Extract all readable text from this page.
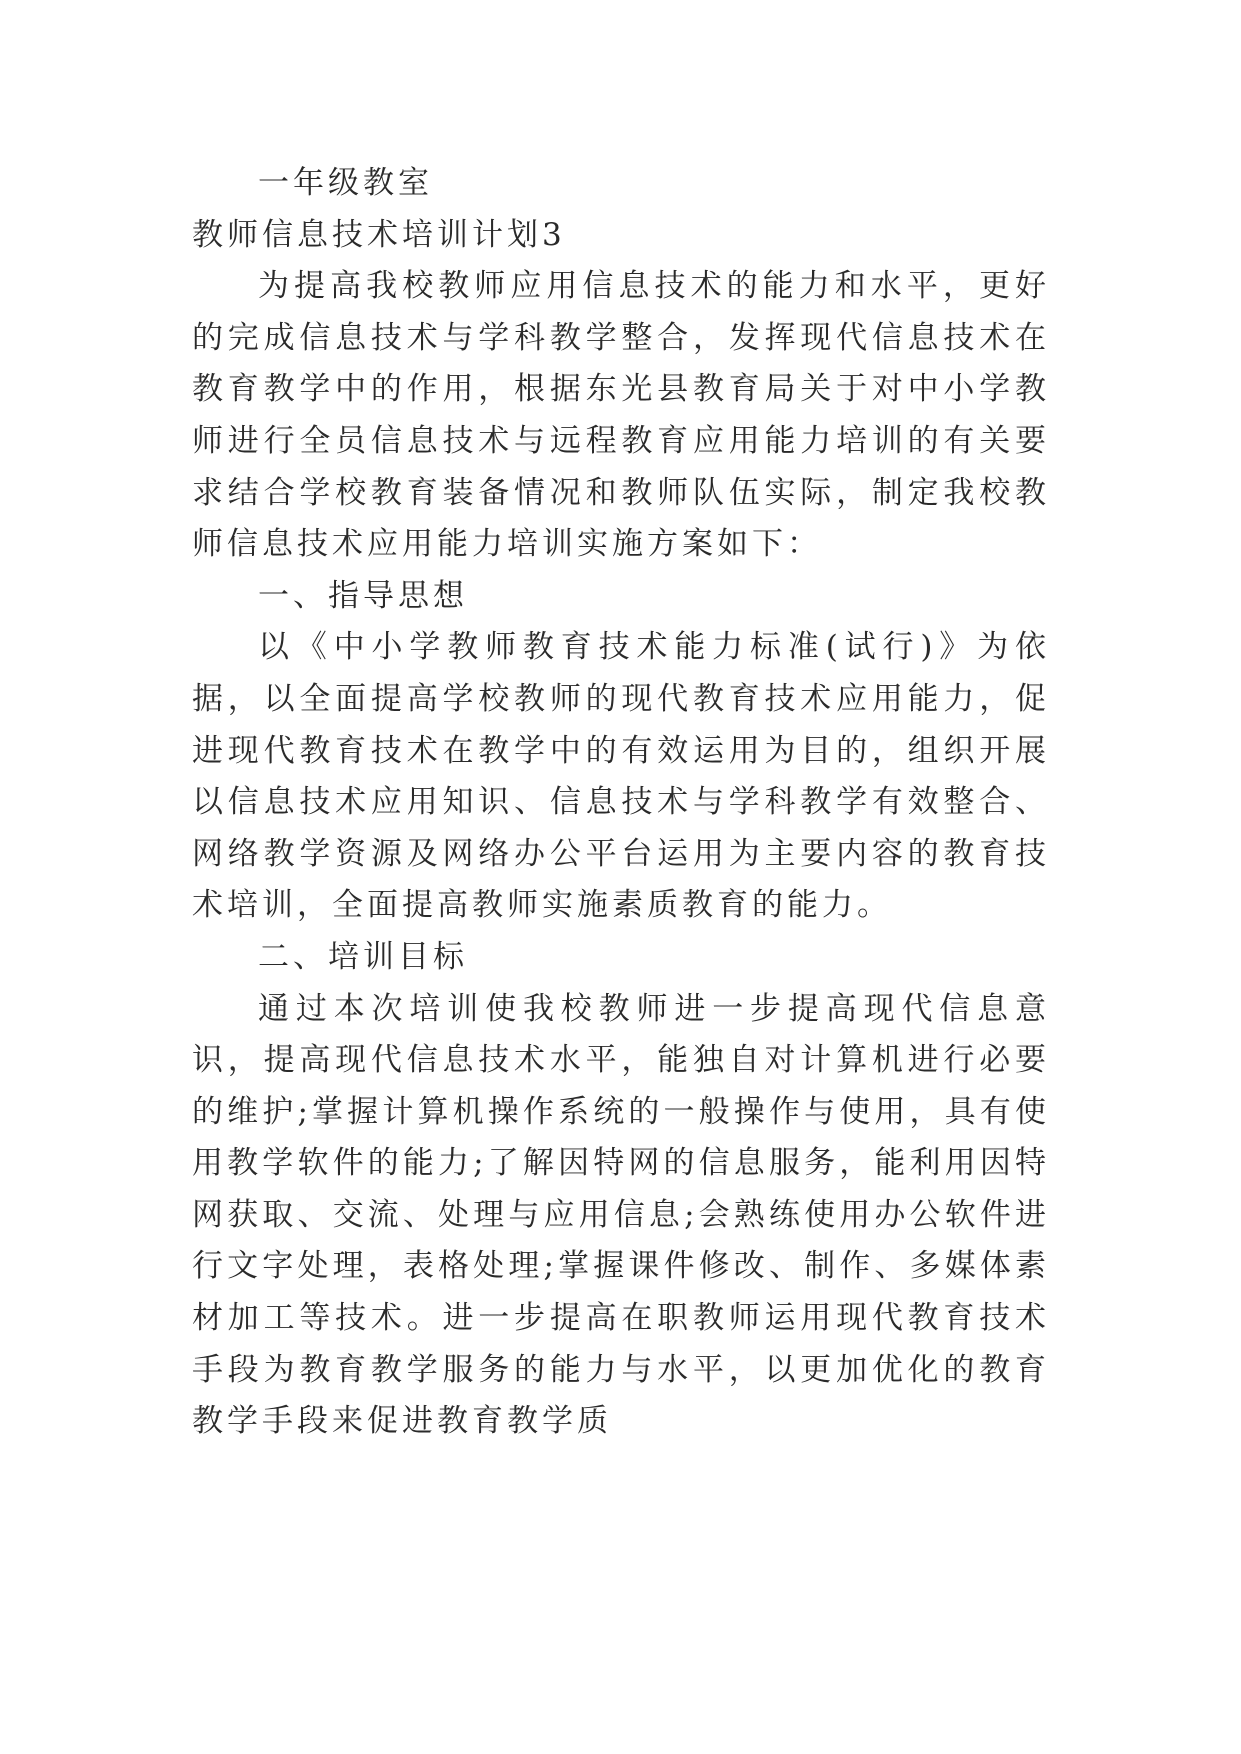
一年级教室

教师信息技术培训计划3

为提高我校教师应用信息技术的能力和水平，更好的完成信息技术与学科教学整合，发挥现代信息技术在教育教学中的作用，根据东光县教育局关于对中小学教师进行全员信息技术与远程教育应用能力培训的有关要求结合学校教育装备情况和教师队伍实际，制定我校教师信息技术应用能力培训实施方案如下：

一、指导思想

以《中小学教师教育技术能力标准(试行)》为依据，以全面提高学校教师的现代教育技术应用能力，促进现代教育技术在教学中的有效运用为目的，组织开展以信息技术应用知识、信息技术与学科教学有效整合、网络教学资源及网络办公平台运用为主要内容的教育技术培训，全面提高教师实施素质教育的能力。

二、培训目标

通过本次培训使我校教师进一步提高现代信息意识，提高现代信息技术水平，能独自对计算机进行必要的维护;掌握计算机操作系统的一般操作与使用，具有使用教学软件的能力;了解因特网的信息服务，能利用因特网获取、交流、处理与应用信息;会熟练使用办公软件进行文字处理，表格处理;掌握课件修改、制作、多媒体素材加工等技术。进一步提高在职教师运用现代教育技术手段为教育教学服务的能力与水平，以更加优化的教育教学手段来促进教育教学质
